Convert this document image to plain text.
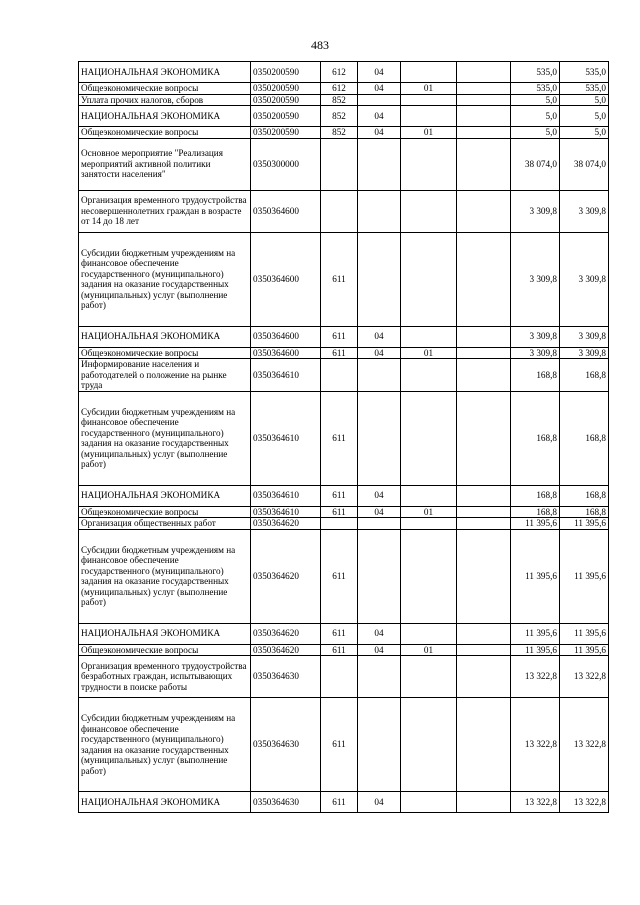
483
НАЦИОНАЛЬНАЯ ЭКОНОМИКА	0350200590	612	04			535,0	535,0
Общеэкономические вопросы	0350200590	612	04	01		535,0	535,0
Уплата прочих налогов, сборов	0350200590	852				5,0	5,0
НАЦИОНАЛЬНАЯ ЭКОНОМИКА	0350200590	852	04			5,0	5,0
Общеэкономические вопросы	0350200590	852	04	01		5,0	5,0
Основное мероприятие "Реализация мероприятий активной политики занятости населения"	0350300000					38 074,0	38 074,0
Организация временного трудоустройства несовершеннолетних граждан в возрасте от 14 до 18 лет	0350364600					3 309,8	3 309,8
Субсидии бюджетным учреждениям на финансовое обеспечение государственного (муниципального) задания на оказание государственных (муниципальных) услуг (выполнение работ)	0350364600	611				3 309,8	3 309,8
НАЦИОНАЛЬНАЯ ЭКОНОМИКА	0350364600	611	04			3 309,8	3 309,8
Общеэкономические вопросы	0350364600	611	04	01		3 309,8	3 309,8
Информирование населения и работодателей о положение на рынке труда	0350364610					168,8	168,8
Субсидии бюджетным учреждениям на финансовое обеспечение государственного (муниципального) задания на оказание государственных (муниципальных) услуг (выполнение работ)	0350364610	611				168,8	168,8
НАЦИОНАЛЬНАЯ ЭКОНОМИКА	0350364610	611	04			168,8	168,8
Общеэкономические вопросы	0350364610	611	04	01		168,8	168,8
Организация общественных работ	0350364620					11 395,6	11 395,6
Субсидии бюджетным учреждениям на финансовое обеспечение государственного (муниципального) задания на оказание государственных (муниципальных) услуг (выполнение работ)	0350364620	611				11 395,6	11 395,6
НАЦИОНАЛЬНАЯ ЭКОНОМИКА	0350364620	611	04			11 395,6	11 395,6
Общеэкономические вопросы	0350364620	611	04	01		11 395,6	11 395,6
Организация временного трудоустройства безработных граждан, испытывающих трудности в поиске работы	0350364630					13 322,8	13 322,8
Субсидии бюджетным учреждениям на финансовое обеспечение государственного (муниципального) задания на оказание государственных (муниципальных) услуг (выполнение работ)	0350364630	611				13 322,8	13 322,8
НАЦИОНАЛЬНАЯ ЭКОНОМИКА	0350364630	611	04			13 322,8	13 322,8
